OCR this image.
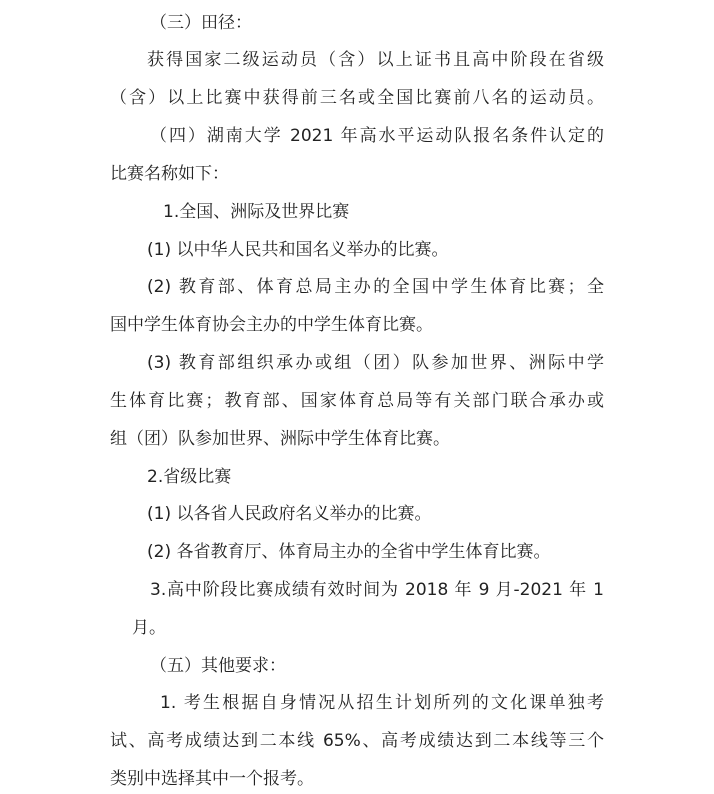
（三）田径：

获得国家二级运动员（含）以上证书且高中阶段在省级

（含）以上比赛中获得前三名或全国比赛前八名的运动员。

（四）湖南大学 2021 年高水平运动队报名条件认定的

比赛名称如下：

1.全国、洲际及世界比赛

(1) 以中华人民共和国名义举办的比赛。

(2) 教育部、体育总局主办的全国中学生体育比赛；全

国中学生体育协会主办的中学生体育比赛。

(3) 教育部组织承办或组（团）队参加世界、洲际中学

生体育比赛；教育部、国家体育总局等有关部门联合承办或

组（团）队参加世界、洲际中学生体育比赛。

2.省级比赛

(1) 以各省人民政府名义举办的比赛。

(2) 各省教育厅、体育局主办的全省中学生体育比赛。

3.高中阶段比赛成绩有效时间为 2018 年 9 月-2021 年 1

月。

（五）其他要求：

1. 考生根据自身情况从招生计划所列的文化课单独考

试、高考成绩达到二本线 65%、高考成绩达到二本线等三个

类别中选择其中一个报考。
